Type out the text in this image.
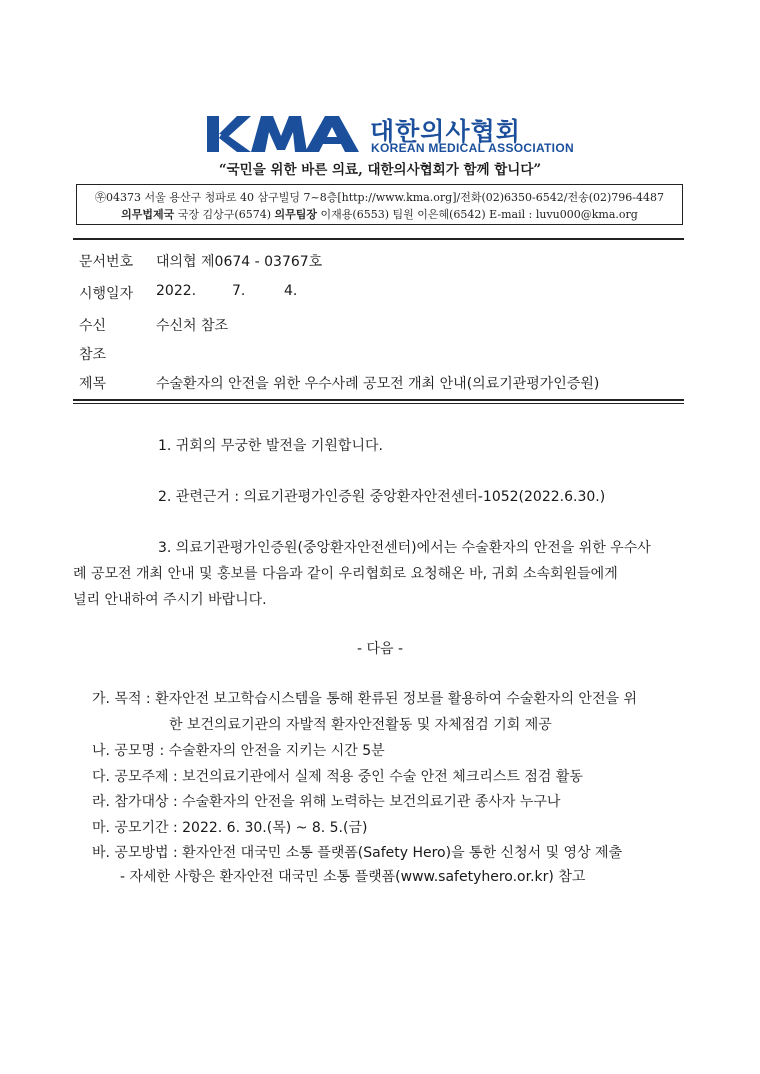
대한의사협회
KOREAN MEDICAL ASSOCIATION
“국민을 위한 바른 의료, 대한의사협회가 함께 합니다”
㉾04373 서울 용산구 청파로 40 삼구빌딩 7~8층[http://www.kma.org]/전화(02)6350-6542/전송(02)796-4487
의무법제국 국장 김상구(6574) 의무팀장 이재용(6553) 팀원 이은혜(6542) E-mail : luvu000@kma.org
문서번호	대의협 제0674 - 03767호
시행일자	2022.	7.	4.
수신	수신처 참조
참조
제목	수술환자의 안전을 위한 우수사례 공모전 개최 안내(의료기관평가인증원)
1. 귀회의 무궁한 발전을 기원합니다.
2. 관련근거 : 의료기관평가인증원 중앙환자안전센터-1052(2022.6.30.)
3. 의료기관평가인증원(중앙환자안전센터)에서는 수술환자의 안전을 위한 우수사
례 공모전 개최 안내 및 홍보를 다음과 같이 우리협회로 요청해온 바, 귀회 소속회원들에게
널리 안내하여 주시기 바랍니다.
- 다음 -
가. 목적 : 환자안전 보고학습시스템을 통해 환류된 정보를 활용하여 수술환자의 안전을 위
한 보건의료기관의 자발적 환자안전활동 및 자체점검 기회 제공
나. 공모명 : 수술환자의 안전을 지키는 시간 5분
다. 공모주제 : 보건의료기관에서 실제 적용 중인 수술 안전 체크리스트 점검 활동
라. 참가대상 : 수술환자의 안전을 위해 노력하는 보건의료기관 종사자 누구나
마. 공모기간 : 2022. 6. 30.(목) ~ 8. 5.(금)
바. 공모방법 : 환자안전 대국민 소통 플랫폼(Safety Hero)을 통한 신청서 및 영상 제출
- 자세한 사항은 환자안전 대국민 소통 플랫폼(www.safetyhero.or.kr) 참고
